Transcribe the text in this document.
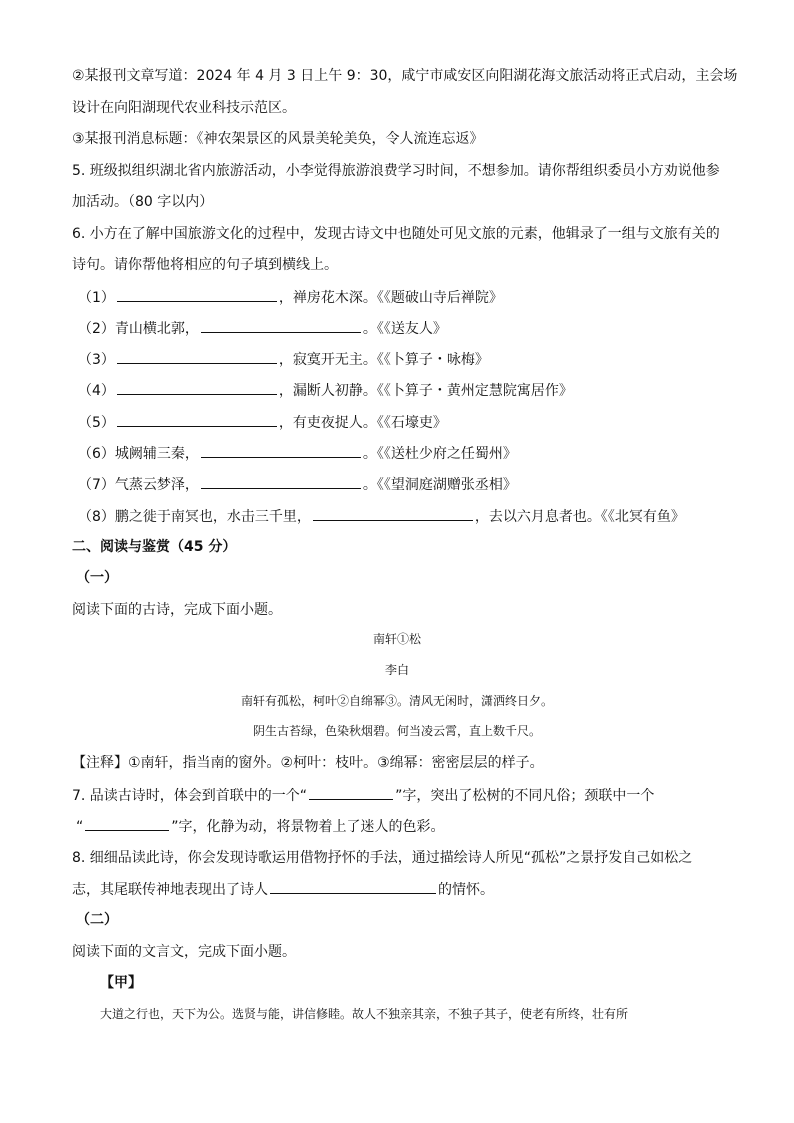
②某报刊文章写道：2024 年 4 月 3 日上午 9：30，咸宁市咸安区向阳湖花海文旅活动将正式启动，主会场
设计在向阳湖现代农业科技示范区。
③某报刊消息标题：《神农架景区的风景美轮美奂，令人流连忘返》
5. 班级拟组织湖北省内旅游活动，小李觉得旅游浪费学习时间，不想参加。请你帮组织委员小方劝说他参
加活动。（80 字以内）
6. 小方在了解中国旅游文化的过程中，发现古诗文中也随处可见文旅的元素，他辑录了一组与文旅有关的
诗句。请你帮他将相应的句子填到横线上。
（1）	，禅房花木深。《《题破山寺后禅院》
（2）青山横北郭，	。《《送友人》
（3）	，寂寞开无主。《《卜算子・咏梅》
（4）	，漏断人初静。《《卜算子・黄州定慧院寓居作》
（5）	，有吏夜捉人。《《石壕吏》
（6）城阙辅三秦，	。《《送杜少府之任蜀州》
（7）气蒸云梦泽，	。《《望洞庭湖赠张丞相》
（8）鹏之徙于南冥也，水击三千里，	，去以六月息者也。《《北冥有鱼》
二、阅读与鉴赏（45 分）
（一）
阅读下面的古诗，完成下面小题。
南轩①松
李白
南轩有孤松，柯叶②自绵幂③。清风无闲时，潇洒终日夕。
阴生古苔绿，色染秋烟碧。何当凌云霄，直上数千尺。
【注释】①南轩，指当南的窗外。②柯叶：枝叶。③绵幂：密密层层的样子。
7. 品读古诗时，体会到首联中的一个“	”字，突出了松树的不同凡俗；颈联中一个
“	”字，化静为动，将景物着上了迷人的色彩。
8. 细细品读此诗，你会发现诗歌运用借物抒怀的手法，通过描绘诗人所见“孤松”之景抒发自己如松之
志，其尾联传神地表现出了诗人	的情怀。
（二）
阅读下面的文言文，完成下面小题。
【甲】
大道之行也，天下为公。选贤与能，讲信修睦。故人不独亲其亲，不独子其子，使老有所终，壮有所
